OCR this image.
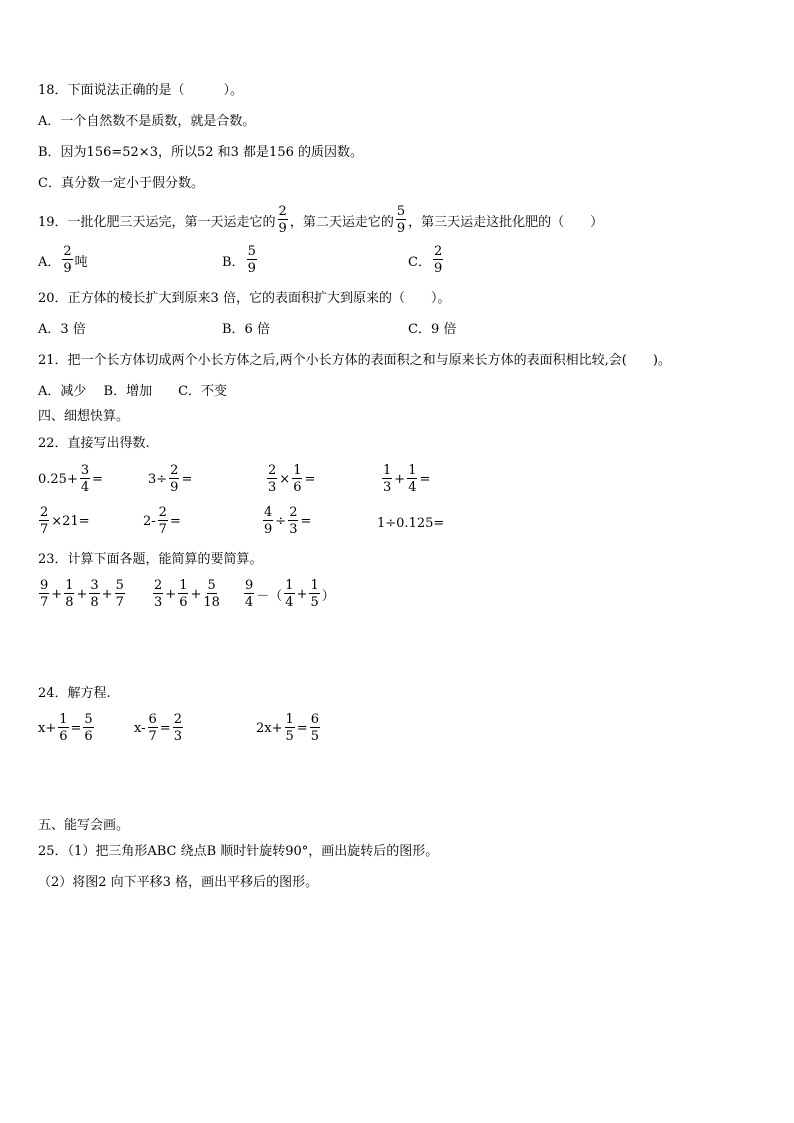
18．下面说法正确的是（　　　）。
A．一个自然数不是质数，就是合数。
B．因为156=52×3，所以52 和3 都是156 的质因数。
C．真分数一定小于假分数。
19．一批化肥三天运完，第一天运走它的 $\frac{2}{9}$ ，第二天运走它的 $\frac{5}{9}$ ，第三天运走这批化肥的（　　）
A． $\frac{2}{9}$ 吨	B． $\frac{5}{9}$	C． $\frac{2}{9}$
20．正方体的棱长扩大到原来3 倍，它的表面积扩大到原来的（　　）。
A．3 倍	B．6 倍	C．9 倍
21．把一个长方体切成两个小长方体之后,两个小长方体的表面积之和与原来长方体的表面积相比较,会(　　)。
A．减少　 B．增加　　C．不变
四、细想快算。
22．直接写出得数.
$0.25+ \frac{3}{4}$ =	$3\div \frac{2}{9}$ =	$\frac{2}{3} \times \frac{1}{6}$ =	$\frac{1}{3} + \frac{1}{4}$ =
$\frac{2}{7} \times 21=$	$2- \frac{2}{7}$ =	$\frac{4}{9} \div \frac{2}{3}$ =	1÷0.125=
23．计算下面各题，能简算的要简算。
$\frac{9}{7} + \frac{1}{8} + \frac{3}{8} + \frac{5}{7} \frac{2}{3} + \frac{1}{6} + \frac{5}{18} \frac{9}{4}$ －（ $\frac{1}{4} + \frac{1}{5}$ ）
24．解方程.
$x+ \frac{1}{6} = \frac{5}{6}$	$x- \frac{6}{7} = \frac{2}{3}$	$2x+ \frac{1}{5} = \frac{6}{5}$
五、能写会画。
25．（1）把三角形ABC 绕点B 顺时针旋转90°，画出旋转后的图形。
（2）将图2 向下平移3 格，画出平移后的图形。
